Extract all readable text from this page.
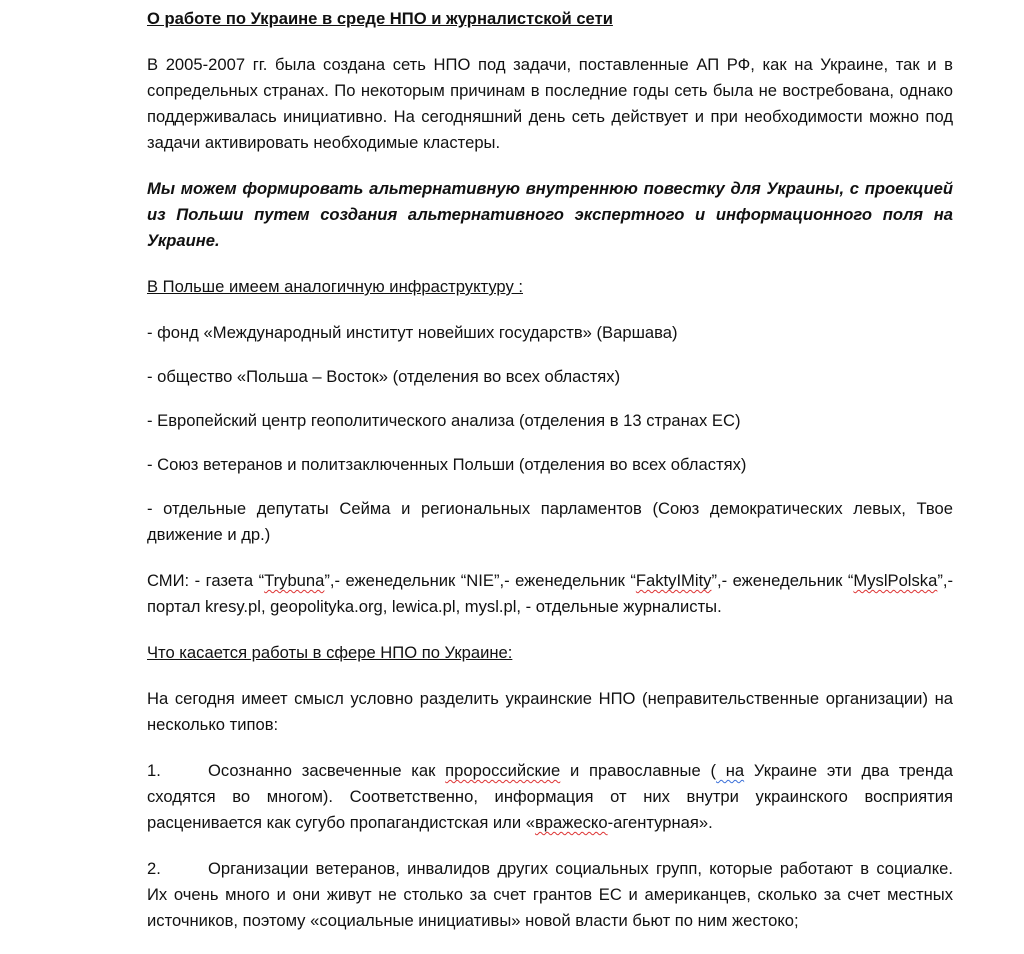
О работе по Украине в среде НПО и журналистской сети

В 2005-2007 гг. была создана сеть НПО под задачи, поставленные АП РФ, как на Украине, так и в сопредельных странах. По некоторым причинам в последние годы сеть была не востребована, однако поддерживалась инициативно. На сегодняшний день сеть действует и при необходимости можно под задачи активировать необходимые кластеры.

Мы можем формировать альтернативную внутреннюю повестку для Украины, с проекцией из Польши путем создания альтернативного экспертного и информационного поля на Украине.

В Польше имеем аналогичную инфраструктуру :

- фонд «Международный институт новейших государств» (Варшава)

- общество «Польша – Восток» (отделения во всех областях)

- Европейский центр геополитического анализа (отделения в 13 странах ЕС)

- Союз ветеранов и политзаключенных Польши (отделения во всех областях)

- отдельные депутаты Сейма и региональных парламентов (Союз демократических левых, Твое движение и др.)

СМИ: - газета “Trybuna”,- еженедельник “NIE”,- еженедельник “FaktyIMity”,- еженедельник “MyslPolska”,- портал kresy.pl, geopolityka.org, lewica.pl, mysl.pl, - отдельные журналисты.

Что касается работы в сфере НПО по Украине:

На сегодня имеет смысл условно разделить украинские НПО (неправительственные организации) на несколько типов:

1.	Осознанно засвеченные как пророссийские и православные ( на Украине эти два тренда сходятся во многом). Соответственно, информация от них внутри украинского восприятия расценивается как сугубо пропагандистская или «вражеско-агентурная».

2.	Организации ветеранов, инвалидов других социальных групп, которые работают в социалке. Их очень много и они живут не столько за счет грантов ЕС и американцев, сколько за счет местных источников, поэтому «социальные инициативы» новой власти бьют по ним жестоко;
